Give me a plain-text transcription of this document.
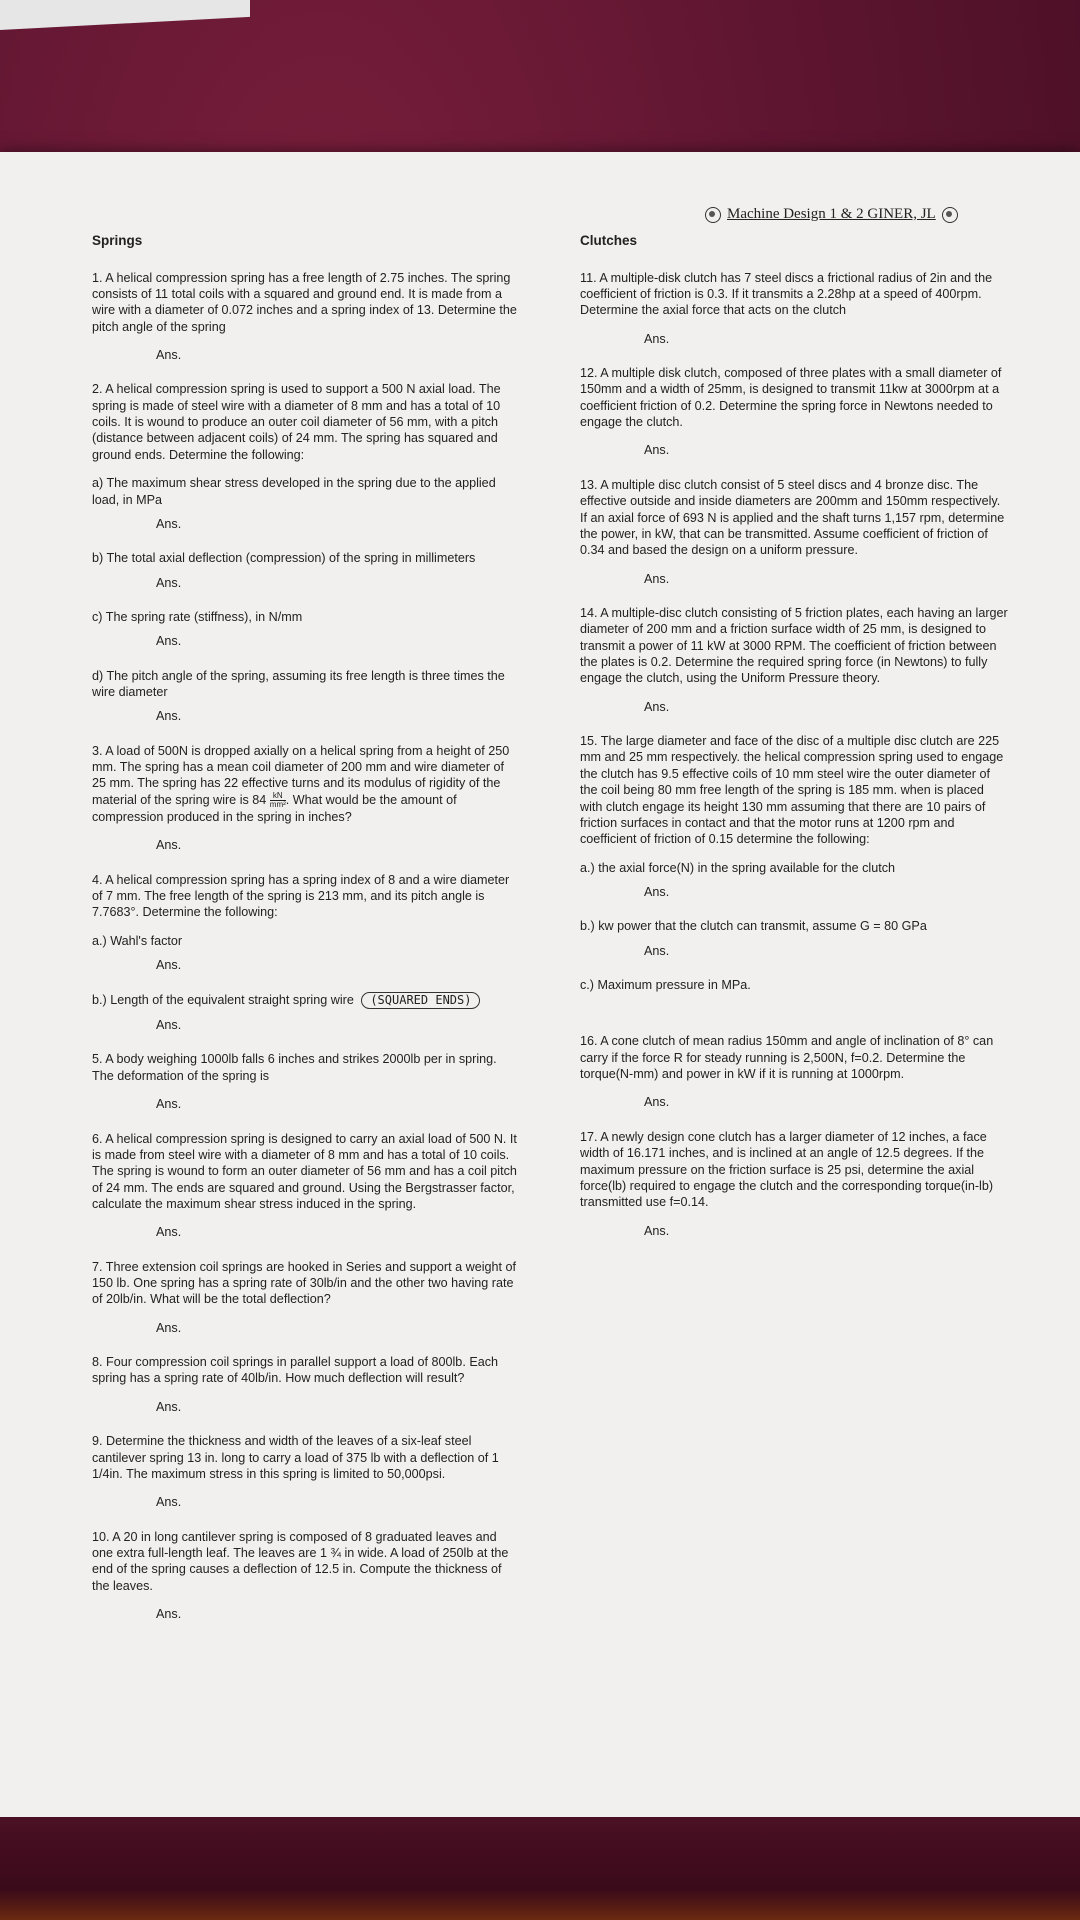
Machine Design 1 & 2 GINER, JL

Springs

1. A helical compression spring has a free length of 2.75 inches. The spring consists of 11 total coils with a squared and ground end. It is made from a wire with a diameter of 0.072 inches and a spring index of 13. Determine the pitch angle of the spring

Ans.

2. A helical compression spring is used to support a 500 N axial load. The spring is made of steel wire with a diameter of 8 mm and has a total of 10 coils. It is wound to produce an outer coil diameter of 56 mm, with a pitch (distance between adjacent coils) of 24 mm. The spring has squared and ground ends. Determine the following:

a) The maximum shear stress developed in the spring due to the applied load, in MPa

Ans.

b) The total axial deflection (compression) of the spring in millimeters

Ans.

c) The spring rate (stiffness), in N/mm

Ans.

d) The pitch angle of the spring, assuming its free length is three times the wire diameter

Ans.

3. A load of 500N is dropped axially on a helical spring from a height of 250 mm. The spring has a mean coil diameter of 200 mm and wire diameter of 25 mm. The spring has 22 effective turns and its modulus of rigidity of the material of the spring wire is $84 \frac{kN}{\text{mm²}}$ . What would be the amount of compression produced in the spring in inches?

Ans.

4. A helical compression spring has a spring index of 8 and a wire diameter of 7 mm. The free length of the spring is 213 mm, and its pitch angle is 7.7683°. Determine the following:

a.) Wahl's factor

Ans.

b.) Length of the equivalent straight spring wire (SQUARED ENDS)

Ans.

5. A body weighing 1000lb falls 6 inches and strikes 2000lb per in spring. The deformation of the spring is

Ans.

6. A helical compression spring is designed to carry an axial load of 500 N. It is made from steel wire with a diameter of 8 mm and has a total of 10 coils. The spring is wound to form an outer diameter of 56 mm and has a coil pitch of 24 mm. The ends are squared and ground. Using the Bergstrasser factor, calculate the maximum shear stress induced in the spring.

Ans.

7. Three extension coil springs are hooked in Series and support a weight of 150 lb. One spring has a spring rate of 30lb/in and the other two having rate of 20lb/in. What will be the total deflection?

Ans.

8. Four compression coil springs in parallel support a load of 800lb. Each spring has a spring rate of 40lb/in. How much deflection will result?

Ans.

9. Determine the thickness and width of the leaves of a six-leaf steel cantilever spring 13 in. long to carry a load of 375 lb with a deflection of 1 1/4in. The maximum stress in this spring is limited to 50,000psi.

Ans.

10. A 20 in long cantilever spring is composed of 8 graduated leaves and one extra full-length leaf. The leaves are 1 ¾ in wide. A load of 250lb at the end of the spring causes a deflection of 12.5 in. Compute the thickness of the leaves.

Ans.

Clutches

11. A multiple-disk clutch has 7 steel discs a frictional radius of 2in and the coefficient of friction is 0.3. If it transmits a 2.28hp at a speed of 400rpm. Determine the axial force that acts on the clutch

Ans.

12. A multiple disk clutch, composed of three plates with a small diameter of 150mm and a width of 25mm, is designed to transmit 11kw at 3000rpm at a coefficient friction of 0.2. Determine the spring force in Newtons needed to engage the clutch.

Ans.

13. A multiple disc clutch consist of 5 steel discs and 4 bronze disc. The effective outside and inside diameters are 200mm and 150mm respectively. If an axial force of 693 N is applied and the shaft turns 1,157 rpm, determine the power, in kW, that can be transmitted. Assume coefficient of friction of 0.34 and based the design on a uniform pressure.

Ans.

14. A multiple-disc clutch consisting of 5 friction plates, each having an larger diameter of 200 mm and a friction surface width of 25 mm, is designed to transmit a power of 11 kW at 3000 RPM. The coefficient of friction between the plates is 0.2. Determine the required spring force (in Newtons) to fully engage the clutch, using the Uniform Pressure theory.

Ans.

15. The large diameter and face of the disc of a multiple disc clutch are 225 mm and 25 mm respectively. the helical compression spring used to engage the clutch has 9.5 effective coils of 10 mm steel wire the outer diameter of the coil being 80 mm free length of the spring is 185 mm. when is placed with clutch engage its height 130 mm assuming that there are 10 pairs of friction surfaces in contact and that the motor runs at 1200 rpm and coefficient of friction of 0.15 determine the following:

a.) the axial force(N) in the spring available for the clutch

Ans.

b.) kw power that the clutch can transmit, assume G = 80 GPa

Ans.

c.) Maximum pressure in MPa.

16. A cone clutch of mean radius 150mm and angle of inclination of 8° can carry if the force R for steady running is 2,500N, f=0.2. Determine the torque(N-mm) and power in kW if it is running at 1000rpm.

Ans.

17. A newly design cone clutch has a larger diameter of 12 inches, a face width of 16.171 inches, and is inclined at an angle of 12.5 degrees. If the maximum pressure on the friction surface is 25 psi, determine the axial force(lb) required to engage the clutch and the corresponding torque(in-lb) transmitted use f=0.14.

Ans.
